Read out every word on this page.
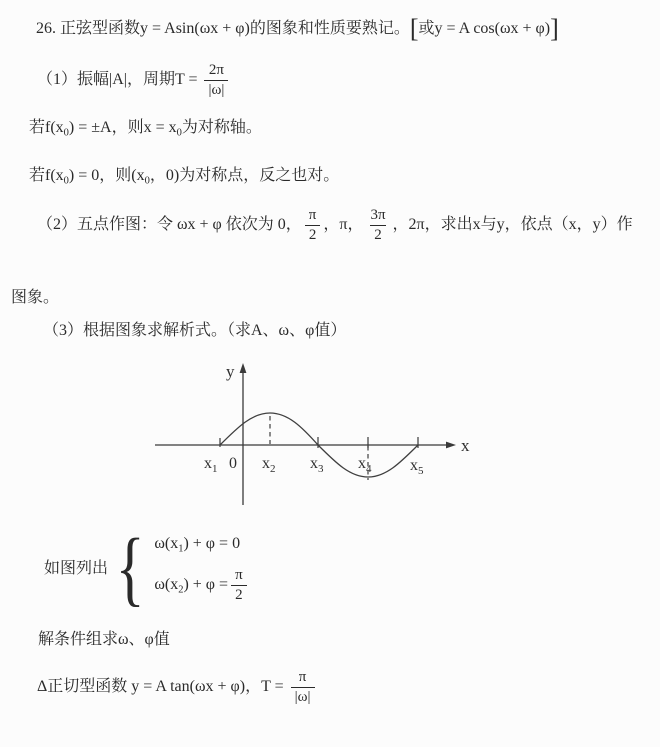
26. 正弦型函数y = Asin(ωx + φ)的图象和性质要熟记。[或y = A cos(ωx + φ)]
（1）振幅|A|，周期$T = \frac{2\pi}{|\omega|}$
若$f(x_0) = \pm A$，则$x = x_0$为对称轴。
若$f(x_0) = 0$，则($x_0$，0)为对称点，反之也对。
（2）五点作图：令 ωx + φ 依次为 0， $\frac{\pi}{2}$ ，π， $\frac{3\pi}{2}$ ，2π，求出x与y，依点（x，y）作
图象。
（3）根据图象求解析式。（求A、ω、φ值）
y
x
$x_1$ 0 $x_2$ $x_3$ $x_4$ $x_5$
如图列出 { $\omega(x_1) + \varphi = 0$
$\omega(x_2) + \varphi = \frac{\pi}{2}$
解条件组求ω、φ值
Δ正切型函数 y = A tan(ωx + φ)，$T = \frac{\pi}{|\omega|}$
